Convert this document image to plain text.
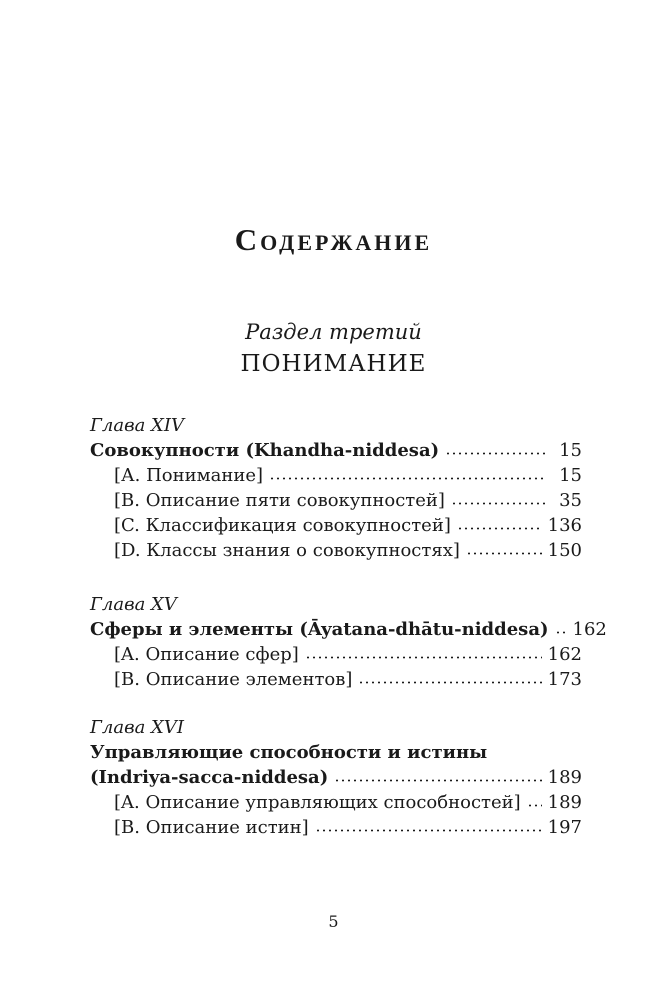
Содержание
Раздел третий
ПОНИМАНИЕ
Глава XIV
Совокупности (Khandha-niddesa)	15
[А. Понимание]	15
[B. Описание пяти совокупностей]	35
[C. Классификация совокупностей]	136
[D. Классы знания о совокупностях]	150
Глава XV
Сферы и элементы (Āyatana-dhātu-niddesa) 162
[A. Описание сфер]	162
[B. Описание элементов]	173
Глава XVI
Управляющие способности и истины
(Indriya-sacca-niddesa)	189
[A. Описание управляющих способностей] 189
[B. Описание истин]	197
5
